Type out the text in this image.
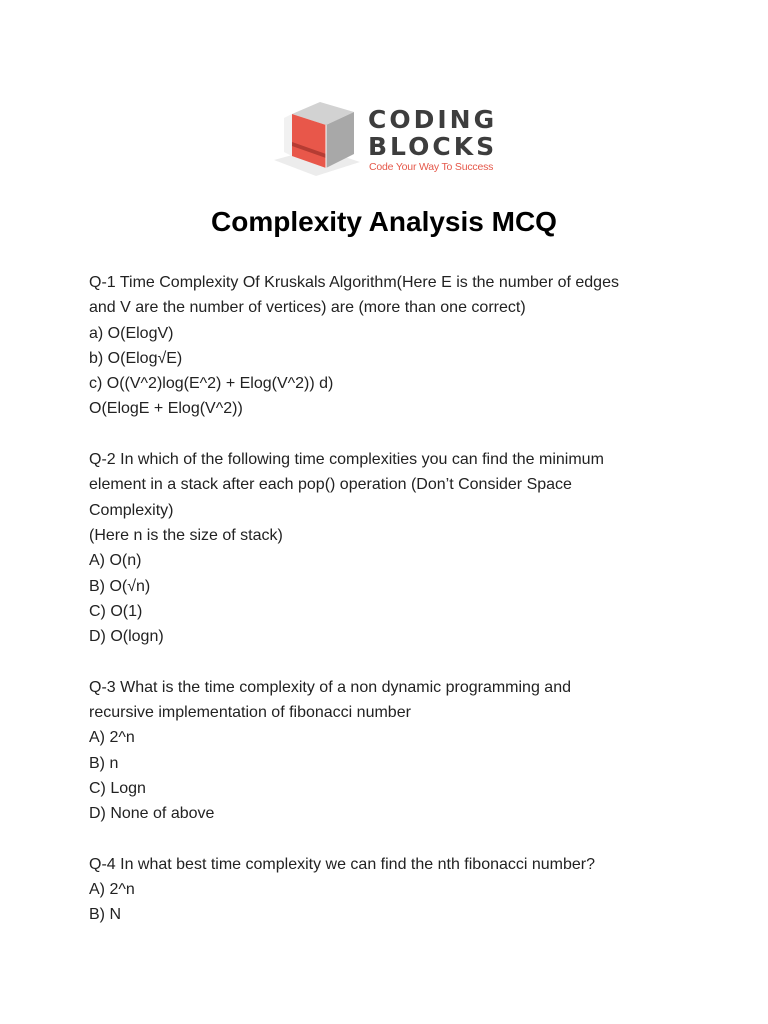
CODING
BLOCKS
Code Your Way To Success
Complexity Analysis MCQ
Q-1 Time Complexity Of Kruskals Algorithm(Here E is the number of edges
and V are the number of vertices) are (more than one correct)
a) O(ElogV)
b) O(Elog√E)
c) O((V^2)log(E^2) + Elog(V^2)) d)
O(ElogE + Elog(V^2))
Q-2 In which of the following time complexities you can find the minimum
element in a stack after each pop() operation (Don’t Consider Space
Complexity)
(Here n is the size of stack)
A) O(n)
B) O(√n)
C) O(1)
D) O(logn)
Q-3 What is the time complexity of a non dynamic programming and
recursive implementation of fibonacci number
A) 2^n
B) n
C) Logn
D) None of above
Q-4 In what best time complexity we can find the nth fibonacci number?
A) 2^n
B) N
